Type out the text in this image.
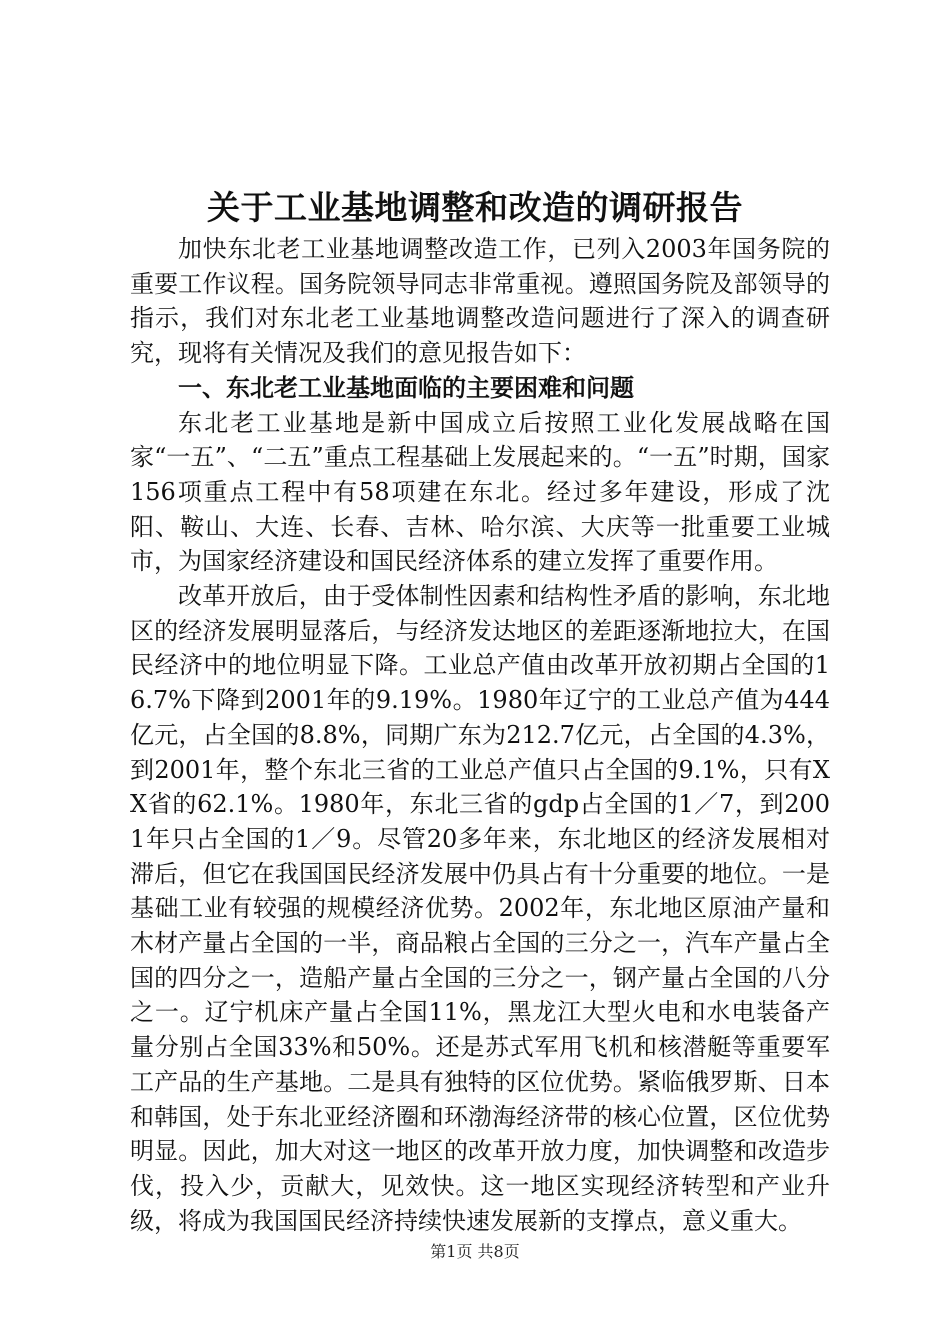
关于工业基地调整和改造的调研报告

加快东北老工业基地调整改造工作，已列入2003年国务院的重要工作议程。国务院领导同志非常重视。遵照国务院及部领导的指示，我们对东北老工业基地调整改造问题进行了深入的调查研究，现将有关情况及我们的意见报告如下：

一、东北老工业基地面临的主要困难和问题

东北老工业基地是新中国成立后按照工业化发展战略在国家“一五”、“二五”重点工程基础上发展起来的。“一五”时期，国家156项重点工程中有58项建在东北。经过多年建设，形成了沈阳、鞍山、大连、长春、吉林、哈尔滨、大庆等一批重要工业城市，为国家经济建设和国民经济体系的建立发挥了重要作用。

改革开放后，由于受体制性因素和结构性矛盾的影响，东北地区的经济发展明显落后，与经济发达地区的差距逐渐地拉大，在国民经济中的地位明显下降。工业总产值由改革开放初期占全国的16.7%下降到2001年的9.19%。1980年辽宁的工业总产值为444亿元，占全国的8.8%，同期广东为212.7亿元，占全国的4.3%，到2001年，整个东北三省的工业总产值只占全国的9.1%，只有XX省的62.1%。1980年，东北三省的gdp占全国的1／7，到2001年只占全国的1／9。尽管20多年来，东北地区的经济发展相对滞后，但它在我国国民经济发展中仍具占有十分重要的地位。一是基础工业有较强的规模经济优势。2002年，东北地区原油产量和木材产量占全国的一半，商品粮占全国的三分之一，汽车产量占全国的四分之一，造船产量占全国的三分之一，钢产量占全国的八分之一。辽宁机床产量占全国11%，黑龙江大型火电和水电装备产量分别占全国33%和50%。还是苏式军用飞机和核潜艇等重要军工产品的生产基地。二是具有独特的区位优势。紧临俄罗斯、日本和韩国，处于东北亚经济圈和环渤海经济带的核心位置，区位优势明显。因此，加大对这一地区的改革开放力度，加快调整和改造步伐，投入少，贡献大，见效快。这一地区实现经济转型和产业升级，将成为我国国民经济持续快速发展新的支撑点，意义重大。

第1页 共8页
